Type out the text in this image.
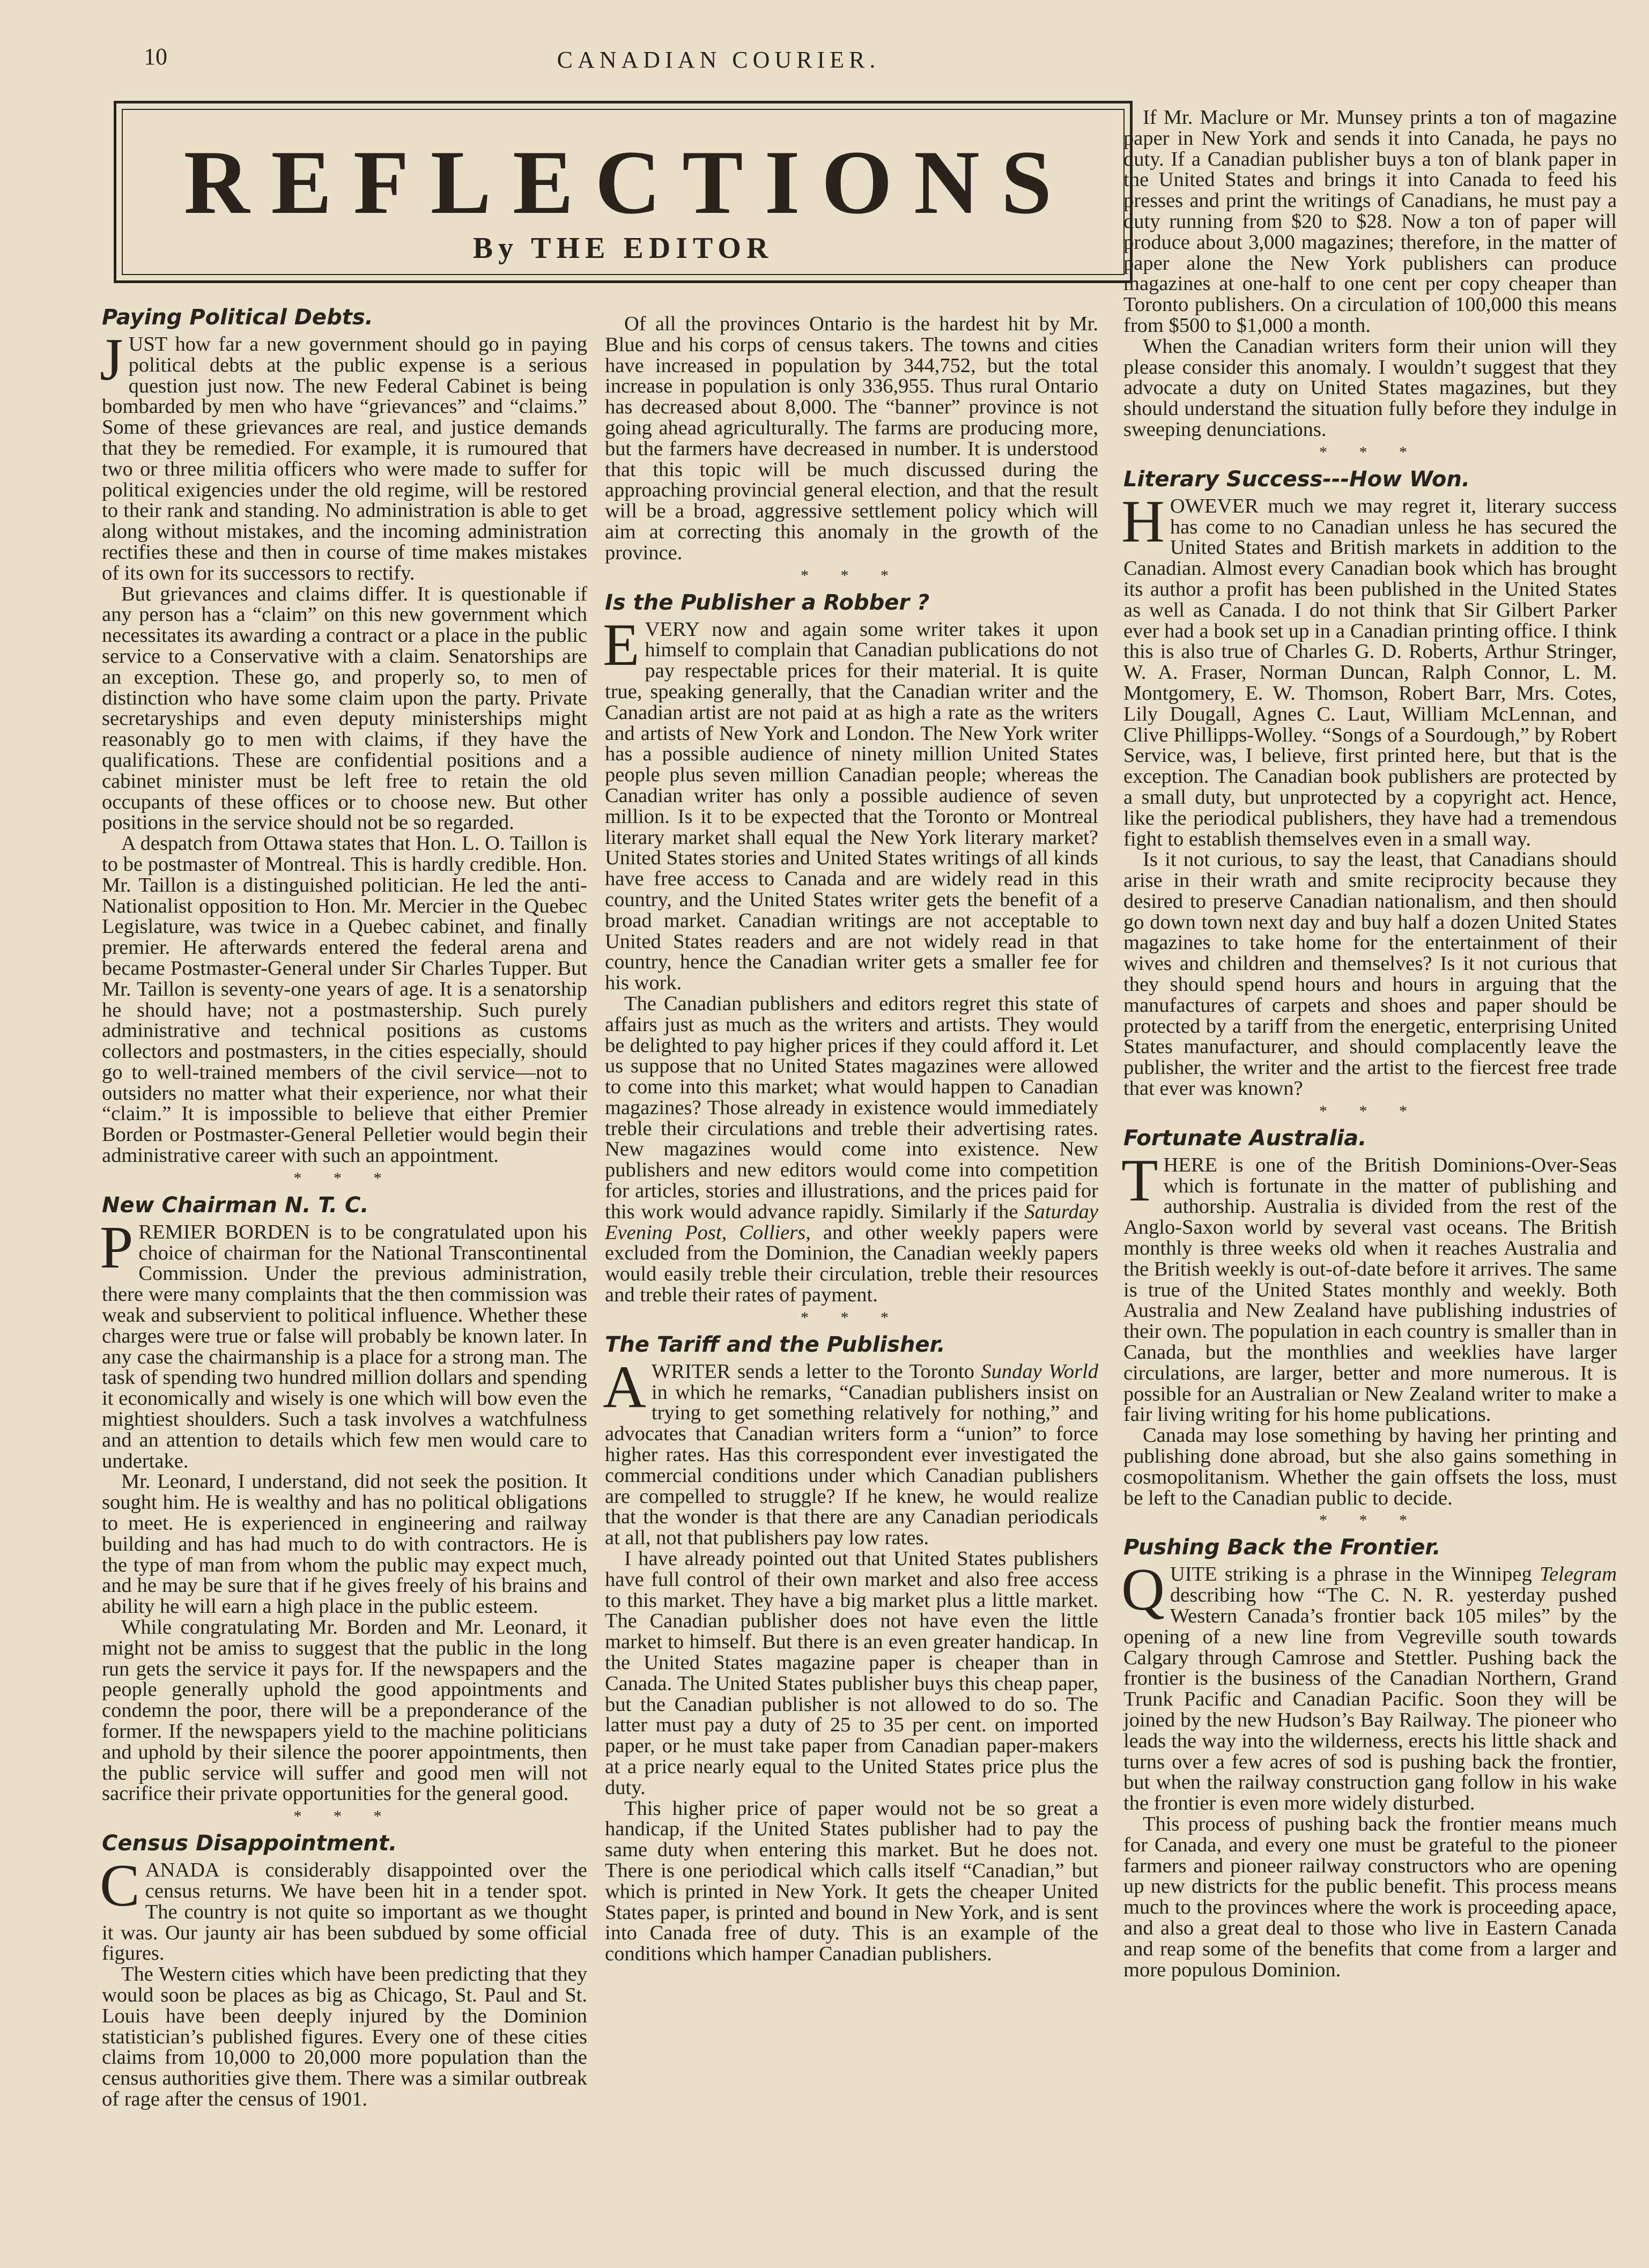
10	CANADIAN COURIER.
REFLECTIONS
By THE EDITOR
Paying Political Debts.

JUST how far a new government should go in paying political debts at the public expense is a serious question just now. The new Federal Cabinet is being bombarded by men who have “grievances” and “claims.” Some of these grievances are real, and justice demands that they be remedied. For example, it is rumoured that two or three militia officers who were made to suffer for political exigencies under the old regime, will be restored to their rank and standing. No administration is able to get along without mistakes, and the incoming administration rectifies these and then in course of time makes mistakes of its own for its successors to rectify.

But grievances and claims differ. It is questionable if any person has a “claim” on this new government which necessitates its awarding a contract or a place in the public service to a Conservative with a claim. Senatorships are an exception. These go, and properly so, to men of distinction who have some claim upon the party. Private secretaryships and even deputy ministerships might reasonably go to men with claims, if they have the qualifications. These are confidential positions and a cabinet minister must be left free to retain the old occupants of these offices or to choose new. But other positions in the service should not be so regarded.

A despatch from Ottawa states that Hon. L. O. Taillon is to be postmaster of Montreal. This is hardly credible. Hon. Mr. Taillon is a distinguished politician. He led the anti-Nationalist opposition to Hon. Mr. Mercier in the Quebec Legislature, was twice in a Quebec cabinet, and finally premier. He afterwards entered the federal arena and became Postmaster-General under Sir Charles Tupper. But Mr. Taillon is seventy-one years of age. It is a senatorship he should have; not a postmastership. Such purely administrative and technical positions as customs collectors and postmasters, in the cities especially, should go to well-trained members of the civil service—not to outsiders no matter what their experience, nor what their “claim.” It is impossible to believe that either Premier Borden or Postmaster-General Pelletier would begin their administrative career with such an appointment.

* * *
New Chairman N. T. C.

PREMIER BORDEN is to be congratulated upon his choice of chairman for the National Transcontinental Commission. Under the previous administration, there were many complaints that the then commission was weak and subservient to political influence. Whether these charges were true or false will probably be known later. In any case the chairmanship is a place for a strong man. The task of spending two hundred million dollars and spending it economically and wisely is one which will bow even the mightiest shoulders. Such a task involves a watchfulness and an attention to details which few men would care to undertake.

Mr. Leonard, I understand, did not seek the position. It sought him. He is wealthy and has no political obligations to meet. He is experienced in engineering and railway building and has had much to do with contractors. He is the type of man from whom the public may expect much, and he may be sure that if he gives freely of his brains and ability he will earn a high place in the public esteem.

While congratulating Mr. Borden and Mr. Leonard, it might not be amiss to suggest that the public in the long run gets the service it pays for. If the newspapers and the people generally uphold the good appointments and condemn the poor, there will be a preponderance of the former. If the newspapers yield to the machine politicians and uphold by their silence the poorer appointments, then the public service will suffer and good men will not sacrifice their private opportunities for the general good.

* * *
Census Disappointment.

CANADA is considerably disappointed over the census returns. We have been hit in a tender spot. The country is not quite so important as we thought it was. Our jaunty air has been subdued by some official figures.

The Western cities which have been predicting that they would soon be places as big as Chicago, St. Paul and St. Louis have been deeply injured by the Dominion statistician’s published figures. Every one of these cities claims from 10,000 to 20,000 more population than the census authorities give them. There was a similar outbreak of rage after the census of 1901.

Of all the provinces Ontario is the hardest hit by Mr. Blue and his corps of census takers. The towns and cities have increased in population by 344,752, but the total increase in population is only 336,955. Thus rural Ontario has decreased about 8,000. The “banner” province is not going ahead agriculturally. The farms are producing more, but the farmers have decreased in number. It is understood that this topic will be much discussed during the approaching provincial general election, and that the result will be a broad, aggressive settlement policy which will aim at correcting this anomaly in the growth of the province.

* * *
Is the Publisher a Robber ?

EVERY now and again some writer takes it upon himself to complain that Canadian publications do not pay respectable prices for their material. It is quite true, speaking generally, that the Canadian writer and the Canadian artist are not paid at as high a rate as the writers and artists of New York and London. The New York writer has a possible audience of ninety million United States people plus seven million Canadian people; whereas the Canadian writer has only a possible audience of seven million. Is it to be expected that the Toronto or Montreal literary market shall equal the New York literary market? United States stories and United States writings of all kinds have free access to Canada and are widely read in this country, and the United States writer gets the benefit of a broad market. Canadian writings are not acceptable to United States readers and are not widely read in that country, hence the Canadian writer gets a smaller fee for his work.

The Canadian publishers and editors regret this state of affairs just as much as the writers and artists. They would be delighted to pay higher prices if they could afford it. Let us suppose that no United States magazines were allowed to come into this market; what would happen to Canadian magazines? Those already in existence would immediately treble their circulations and treble their advertising rates. New magazines would come into existence. New publishers and new editors would come into competition for articles, stories and illustrations, and the prices paid for this work would advance rapidly. Similarly if the Saturday Evening Post, Colliers, and other weekly papers were excluded from the Dominion, the Canadian weekly papers would easily treble their circulation, treble their resources and treble their rates of payment.

* * *
The Tariff and the Publisher.

A WRITER sends a letter to the Toronto Sunday World in which he remarks, “Canadian publishers insist on trying to get something relatively for nothing,” and advocates that Canadian writers form a “union” to force higher rates. Has this correspondent ever investigated the commercial conditions under which Canadian publishers are compelled to struggle? If he knew, he would realize that the wonder is that there are any Canadian periodicals at all, not that publishers pay low rates.

I have already pointed out that United States publishers have full control of their own market and also free access to this market. They have a big market plus a little market. The Canadian publisher does not have even the little market to himself. But there is an even greater handicap. In the United States magazine paper is cheaper than in Canada. The United States publisher buys this cheap paper, but the Canadian publisher is not allowed to do so. The latter must pay a duty of 25 to 35 per cent. on imported paper, or he must take paper from Canadian paper-makers at a price nearly equal to the United States price plus the duty.

This higher price of paper would not be so great a handicap, if the United States publisher had to pay the same duty when entering this market. But he does not. There is one periodical which calls itself “Canadian,” but which is printed in New York. It gets the cheaper United States paper, is printed and bound in New York, and is sent into Canada free of duty. This is an example of the conditions which hamper Canadian publishers.

If Mr. Maclure or Mr. Munsey prints a ton of magazine paper in New York and sends it into Canada, he pays no duty. If a Canadian publisher buys a ton of blank paper in the United States and brings it into Canada to feed his presses and print the writings of Canadians, he must pay a duty running from $20 to $28. Now a ton of paper will produce about 3,000 magazines; therefore, in the matter of paper alone the New York publishers can produce magazines at one-half to one cent per copy cheaper than Toronto publishers. On a circulation of 100,000 this means from $500 to $1,000 a month.

When the Canadian writers form their union will they please consider this anomaly. I wouldn’t suggest that they advocate a duty on United States magazines, but they should understand the situation fully before they indulge in sweeping denunciations.

* * *
Literary Success---How Won.

HOWEVER much we may regret it, literary success has come to no Canadian unless he has secured the United States and British markets in addition to the Canadian. Almost every Canadian book which has brought its author a profit has been published in the United States as well as Canada. I do not think that Sir Gilbert Parker ever had a book set up in a Canadian printing office. I think this is also true of Charles G. D. Roberts, Arthur Stringer, W. A. Fraser, Norman Duncan, Ralph Connor, L. M. Montgomery, E. W. Thomson, Robert Barr, Mrs. Cotes, Lily Dougall, Agnes C. Laut, William McLennan, and Clive Phillipps-Wolley. “Songs of a Sourdough,” by Robert Service, was, I believe, first printed here, but that is the exception. The Canadian book publishers are protected by a small duty, but unprotected by a copyright act. Hence, like the periodical publishers, they have had a tremendous fight to establish themselves even in a small way.

Is it not curious, to say the least, that Canadians should arise in their wrath and smite reciprocity because they desired to preserve Canadian nationalism, and then should go down town next day and buy half a dozen United States magazines to take home for the entertainment of their wives and children and themselves? Is it not curious that they should spend hours and hours in arguing that the manufactures of carpets and shoes and paper should be protected by a tariff from the energetic, enterprising United States manufacturer, and should complacently leave the publisher, the writer and the artist to the fiercest free trade that ever was known?

* * *
Fortunate Australia.

THERE is one of the British Dominions-Over-Seas which is fortunate in the matter of publishing and authorship. Australia is divided from the rest of the Anglo-Saxon world by several vast oceans. The British monthly is three weeks old when it reaches Australia and the British weekly is out-of-date before it arrives. The same is true of the United States monthly and weekly. Both Australia and New Zealand have publishing industries of their own. The population in each country is smaller than in Canada, but the monthlies and weeklies have larger circulations, are larger, better and more numerous. It is possible for an Australian or New Zealand writer to make a fair living writing for his home publications.

Canada may lose something by having her printing and publishing done abroad, but she also gains something in cosmopolitanism. Whether the gain offsets the loss, must be left to the Canadian public to decide.

* * *
Pushing Back the Frontier.

QUITE striking is a phrase in the Winnipeg Telegram describing how “The C. N. R. yesterday pushed Western Canada’s frontier back 105 miles” by the opening of a new line from Vegreville south towards Calgary through Camrose and Stettler. Pushing back the frontier is the business of the Canadian Northern, Grand Trunk Pacific and Canadian Pacific. Soon they will be joined by the new Hudson’s Bay Railway. The pioneer who leads the way into the wilderness, erects his little shack and turns over a few acres of sod is pushing back the frontier, but when the railway construction gang follow in his wake the frontier is even more widely disturbed.

This process of pushing back the frontier means much for Canada, and every one must be grateful to the pioneer farmers and pioneer railway constructors who are opening up new districts for the public benefit. This process means much to the provinces where the work is proceeding apace, and also a great deal to those who live in Eastern Canada and reap some of the benefits that come from a larger and more populous Dominion.
